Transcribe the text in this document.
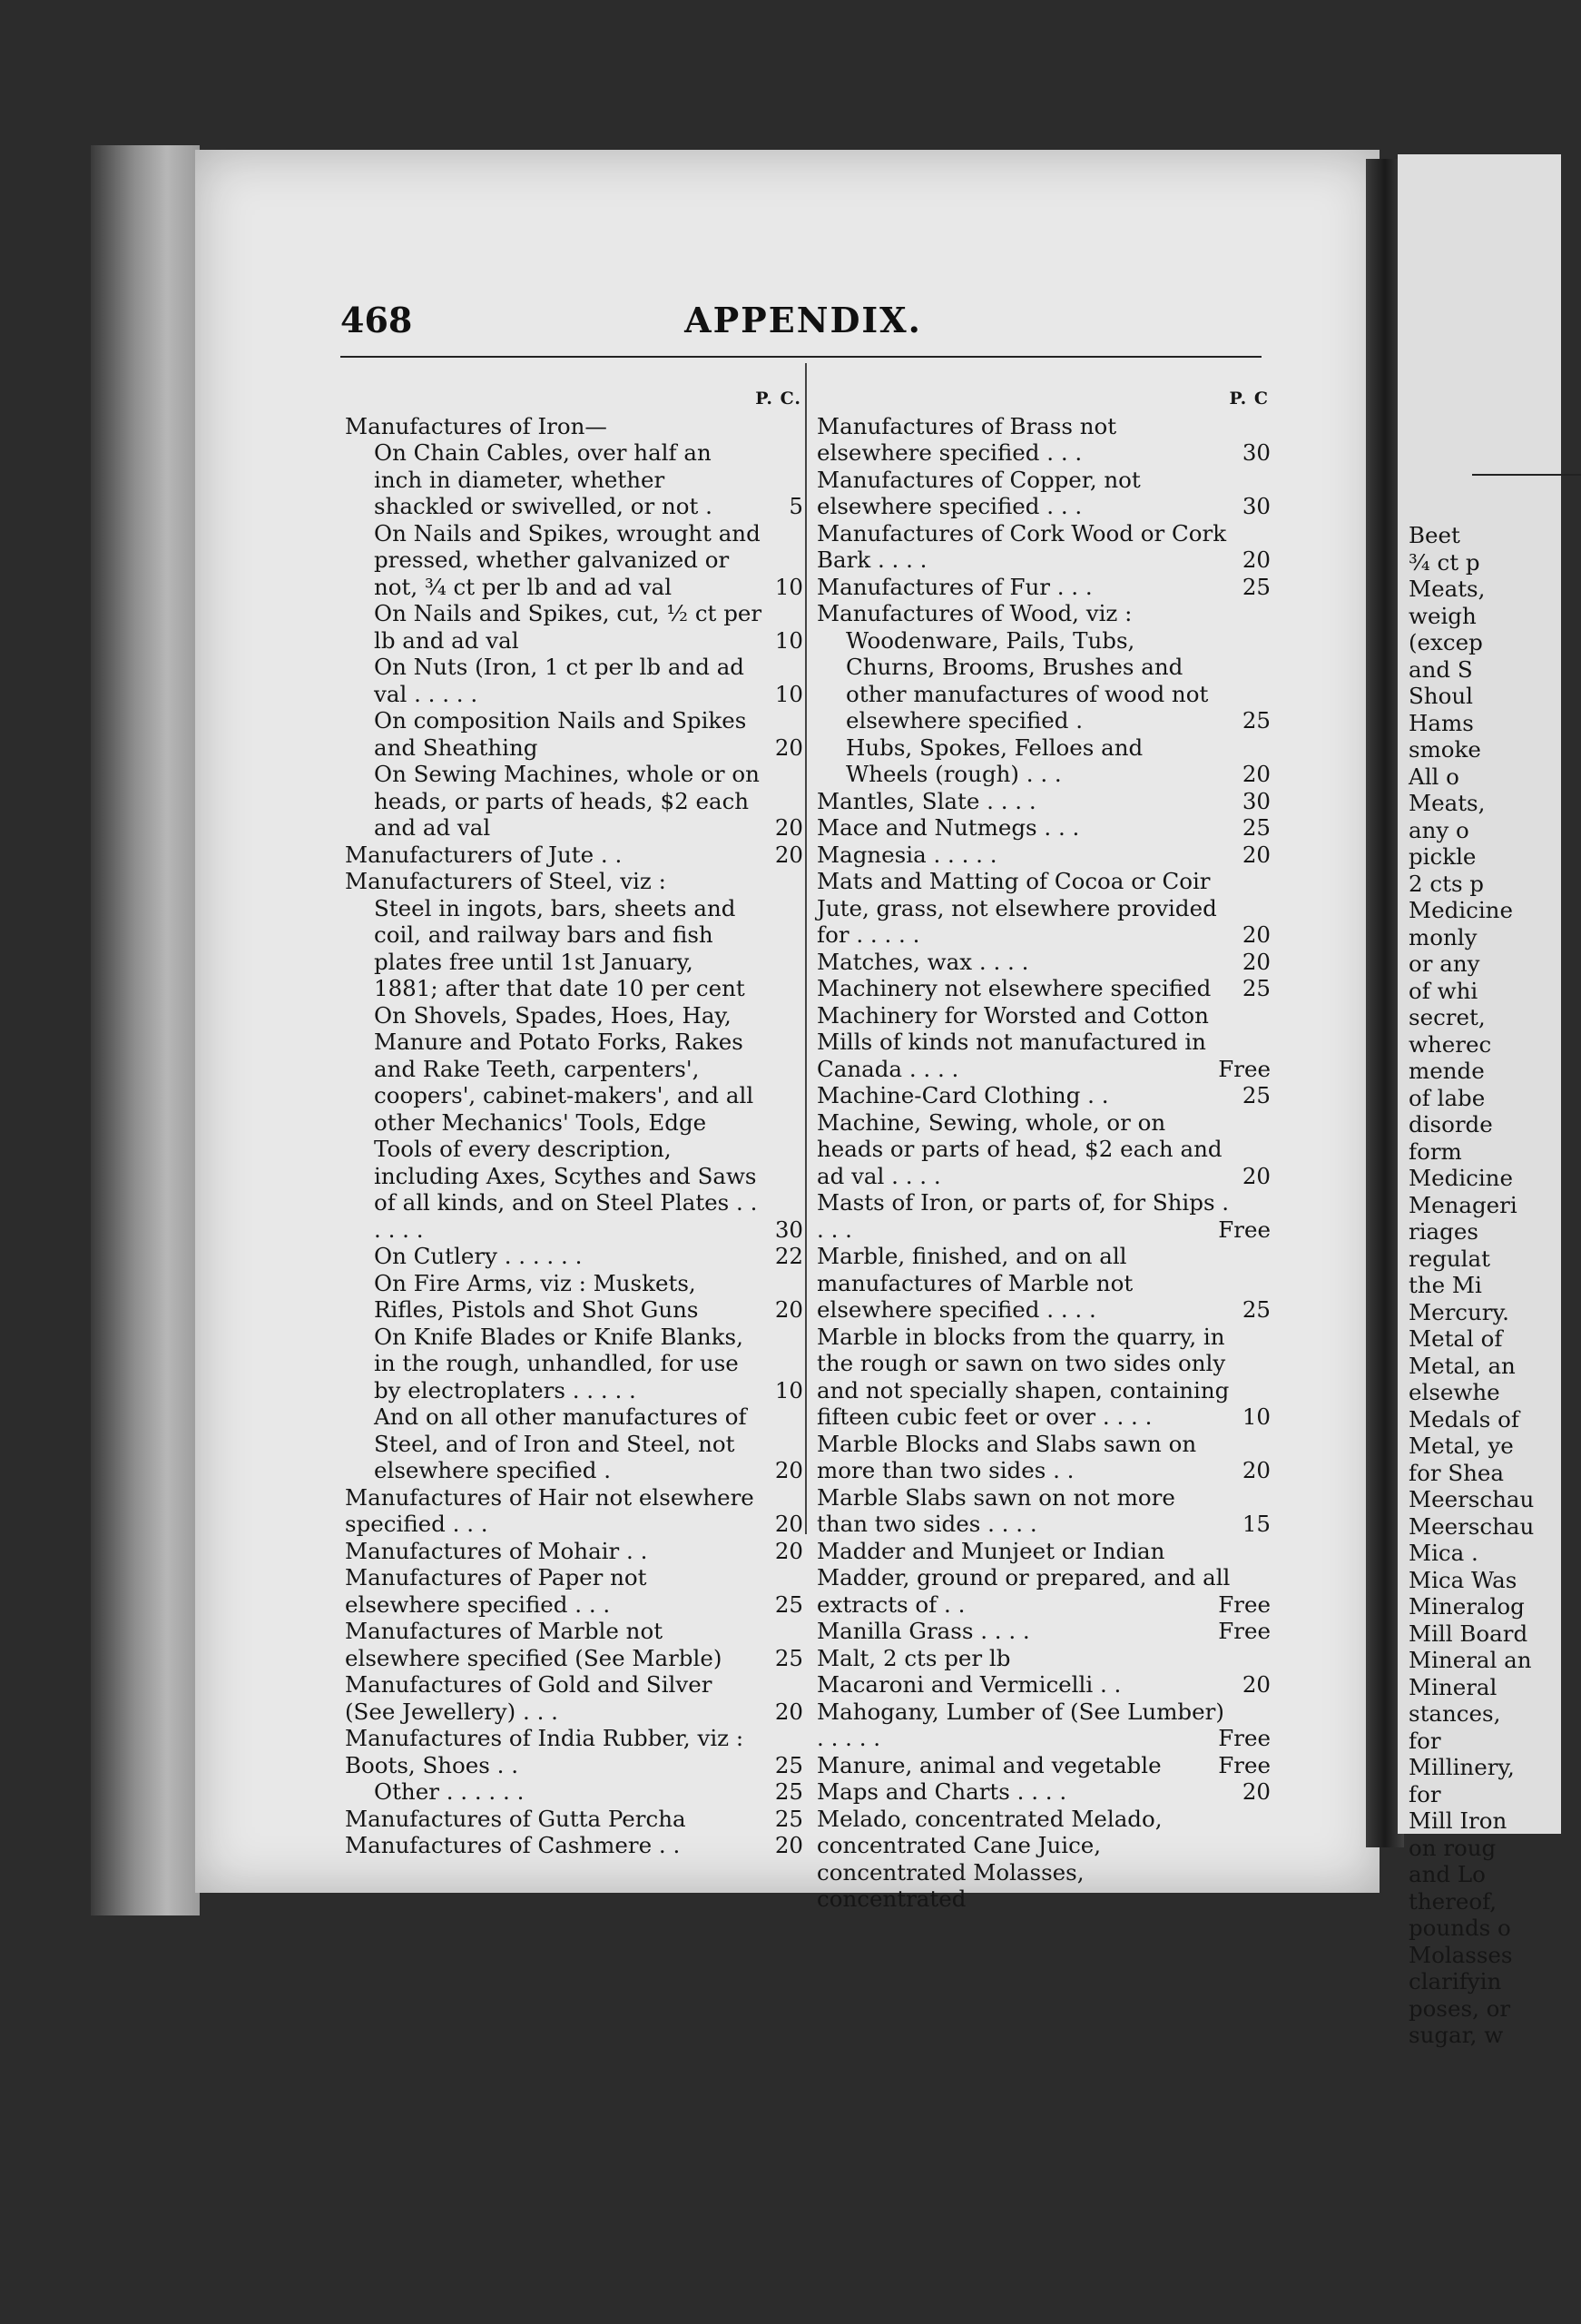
Beet
¾ ct p
Meats,
weigh
(excep
and S
Shoul
Hams
smoke
All o
Meats,
any o
pickle
2 cts p
Medicine
monly
or any
of whi
secret,
wherec
mende
of labe
disorde
form
Medicine
Menageri
riages
regulat
the Mi
Mercury.
Metal of
Metal, an
elsewhe
Medals of
Metal, ye
for Shea
Meerschau
Meerschau
Mica .
Mica Was
Mineralog
Mill Board
Mineral an
Mineral
stances,
for
Millinery,
for
Mill Iron
on roug
and Lo
thereof,
pounds o
Molasses
clarifyin
poses, or
sugar, w
468	APPENDIX.
P. C.
Manufactures of Iron—
On Chain Cables, over half an inch in diameter, whether shackled or swivelled, or not .	5
On Nails and Spikes, wrought and pressed, whether galvanized or not, ¾ ct per lb and ad val	10
On Nails and Spikes, cut, ½ ct per lb and ad val	10
On Nuts (Iron, 1 ct per lb and ad val . . . . .	10
On composition Nails and Spikes and Sheathing	20
On Sewing Machines, whole or on heads, or parts of heads, $2 each and ad val	20
Manufacturers of Jute . .	20
Manufacturers of Steel, viz :
Steel in ingots, bars, sheets and coil, and railway bars and fish plates free until 1st January, 1881; after that date 10 per cent
On Shovels, Spades, Hoes, Hay, Manure and Potato Forks, Rakes and Rake Teeth, carpenters', coopers', cabinet-makers', and all other Mechanics' Tools, Edge Tools of every description, including Axes, Scythes and Saws of all kinds, and on Steel Plates . . . . . .	30
On Cutlery . . . . . .	22
On Fire Arms, viz : Muskets, Rifles, Pistols and Shot Guns	20
On Knife Blades or Knife Blanks, in the rough, unhandled, for use by electroplaters . . . . .	10
And on all other manufactures of Steel, and of Iron and Steel, not elsewhere specified .	20
Manufactures of Hair not elsewhere specified . . .	20
Manufactures of Mohair . .	20
Manufactures of Paper not elsewhere specified . . .	25
Manufactures of Marble not elsewhere specified (See Marble)	25
Manufactures of Gold and Silver (See Jewellery) . . .	20
Manufactures of India Rubber, viz : Boots, Shoes . .	25
Other . . . . . .	25
Manufactures of Gutta Percha	25
Manufactures of Cashmere . .	20
P. C
Manufactures of Brass not elsewhere specified . . .	30
Manufactures of Copper, not elsewhere specified . . .	30
Manufactures of Cork Wood or Cork Bark . . . .	20
Manufactures of Fur . . .	25
Manufactures of Wood, viz :
Woodenware, Pails, Tubs, Churns, Brooms, Brushes and other manufactures of wood not elsewhere specified .	25
Hubs, Spokes, Felloes and Wheels (rough) . . .	20
Mantles, Slate . . . .	30
Mace and Nutmegs . . .	25
Magnesia . . . . .	20
Mats and Matting of Cocoa or Coir Jute, grass, not elsewhere provided for . . . . .	20
Matches, wax . . . .	20
Machinery not elsewhere specified	25
Machinery for Worsted and Cotton Mills of kinds not manufactured in Canada . . . .	Free
Machine-Card Clothing . .	25
Machine, Sewing, whole, or on heads or parts of head, $2 each and ad val . . . .	20
Masts of Iron, or parts of, for Ships . . . .	Free
Marble, finished, and on all manufactures of Marble not elsewhere specified . . . .	25
Marble in blocks from the quarry, in the rough or sawn on two sides only and not specially shapen, containing fifteen cubic feet or over . . . .	10
Marble Blocks and Slabs sawn on more than two sides . .	20
Marble Slabs sawn on not more than two sides . . . .	15
Madder and Munjeet or Indian Madder, ground or prepared, and all extracts of . .	Free
Manilla Grass . . . .	Free
Malt, 2 cts per lb
Macaroni and Vermicelli . .	20
Mahogany, Lumber of (See Lumber) . . . . .	Free
Manure, animal and vegetable	Free
Maps and Charts . . . .	20
Melado, concentrated Melado, concentrated Cane Juice, concentrated Molasses, concentrated
